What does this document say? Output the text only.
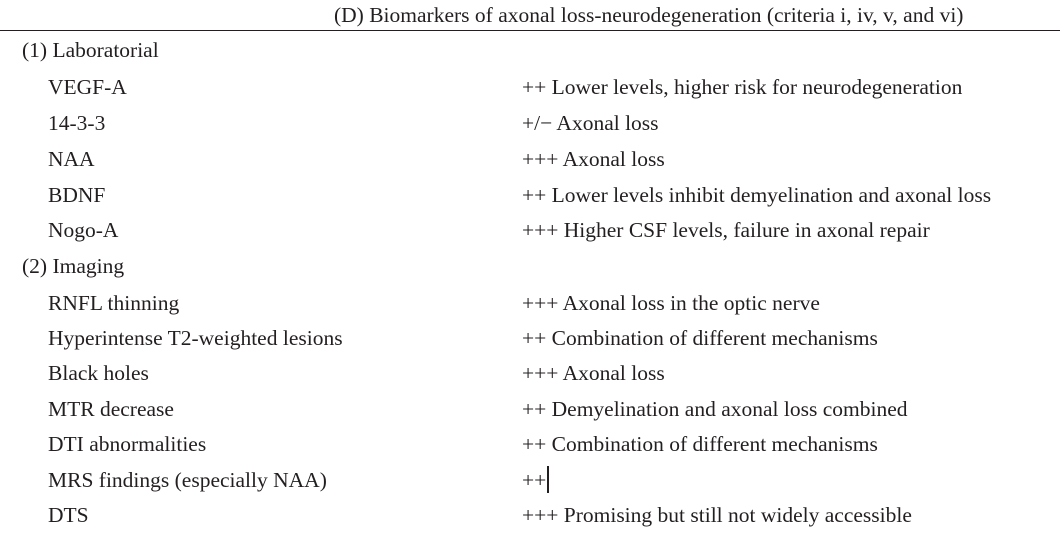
(D) Biomarkers of axonal loss-neurodegeneration (criteria i, iv, v, and vi)
(1) Laboratorial
VEGF-A	++ Lower levels, higher risk for neurodegeneration
14-3-3	+/− Axonal loss
NAA	+++ Axonal loss
BDNF	++ Lower levels inhibit demyelination and axonal loss
Nogo-A	+++ Higher CSF levels, failure in axonal repair
(2) Imaging
RNFL thinning	+++ Axonal loss in the optic nerve
Hyperintense T2-weighted lesions	++ Combination of different mechanisms
Black holes	+++ Axonal loss
MTR decrease	++ Demyelination and axonal loss combined
DTI abnormalities	++ Combination of different mechanisms
MRS findings (especially NAA)	++
DTS	+++ Promising but still not widely accessible
